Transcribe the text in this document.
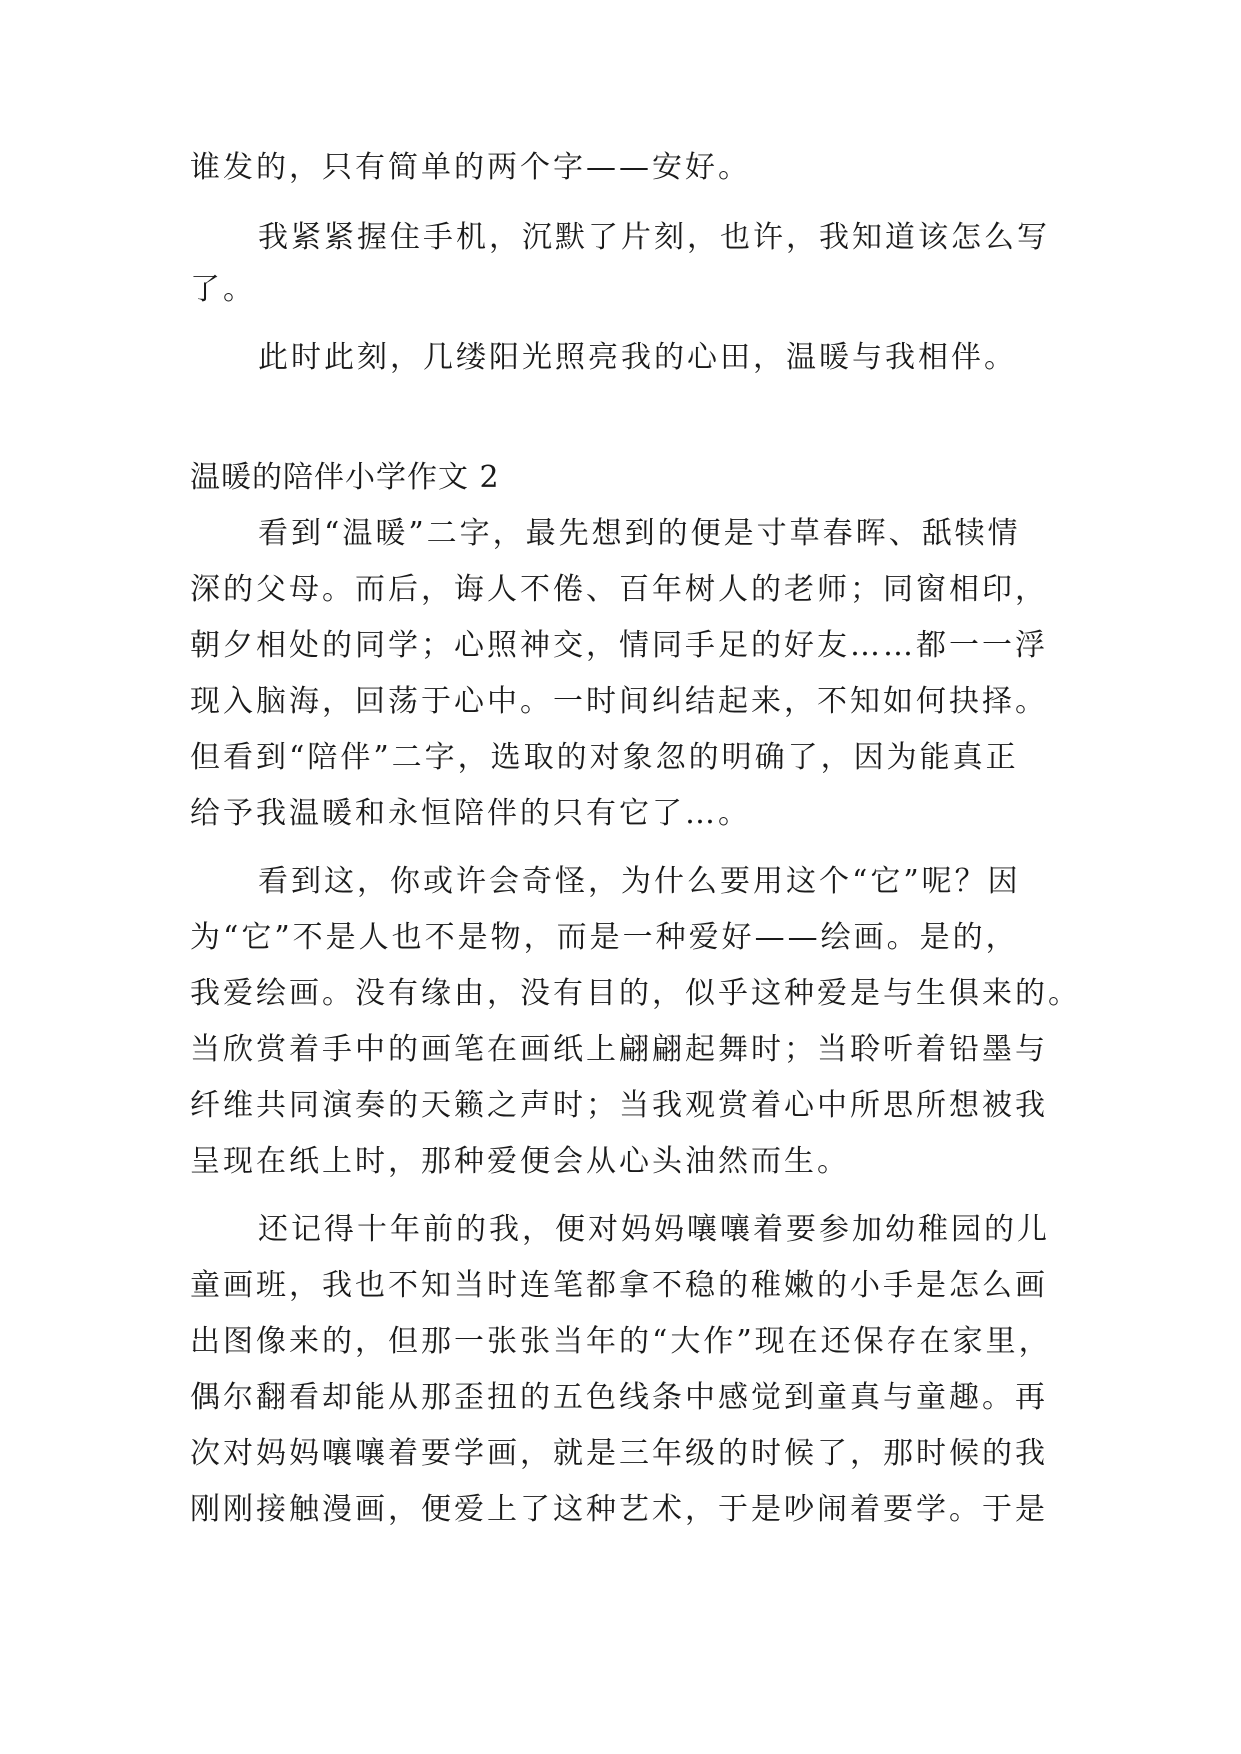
谁发的，只有简单的两个字——安好。
我紧紧握住手机，沉默了片刻，也许，我知道该怎么写
了。
此时此刻，几缕阳光照亮我的心田，温暖与我相伴。
温暖的陪伴小学作文 2
看到“温暖”二字，最先想到的便是寸草春晖、舐犊情
深的父母。而后，诲人不倦、百年树人的老师；同窗相印，
朝夕相处的同学；心照神交，情同手足的好友……都一一浮
现入脑海，回荡于心中。一时间纠结起来，不知如何抉择。
但看到“陪伴”二字，选取的对象忽的明确了，因为能真正
给予我温暖和永恒陪伴的只有它了…。
看到这，你或许会奇怪，为什么要用这个“它”呢？因
为“它”不是人也不是物，而是一种爱好——绘画。是的，
我爱绘画。没有缘由，没有目的，似乎这种爱是与生俱来的。
当欣赏着手中的画笔在画纸上翩翩起舞时；当聆听着铅墨与
纤维共同演奏的天籁之声时；当我观赏着心中所思所想被我
呈现在纸上时，那种爱便会从心头油然而生。
还记得十年前的我，便对妈妈嚷嚷着要参加幼稚园的儿
童画班，我也不知当时连笔都拿不稳的稚嫩的小手是怎么画
出图像来的，但那一张张当年的“大作”现在还保存在家里，
偶尔翻看却能从那歪扭的五色线条中感觉到童真与童趣。再
次对妈妈嚷嚷着要学画，就是三年级的时候了，那时候的我
刚刚接触漫画，便爱上了这种艺术，于是吵闹着要学。于是
